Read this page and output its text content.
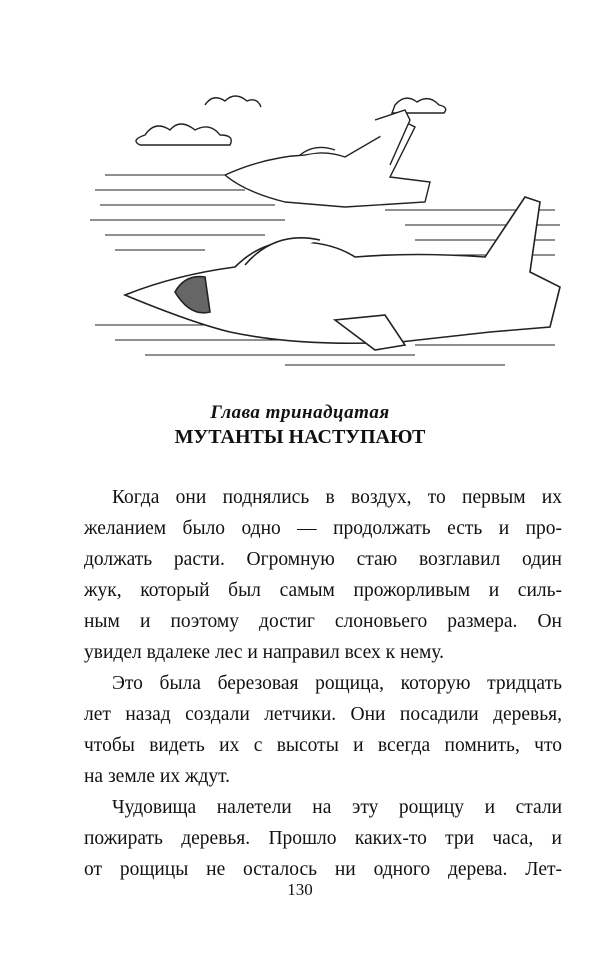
Глава тринадцатая
МУТАНТЫ НАСТУПАЮТ
Когда они поднялись в воздух, то первым их
желанием было одно — продолжать есть и про-
должать расти. Огромную стаю возглавил один
жук, который был самым прожорливым и силь-
ным и поэтому достиг слоновьего размера. Он
увидел вдалеке лес и направил всех к нему.
Это была березовая рощица, которую тридцать
лет назад создали летчики. Они посадили деревья,
чтобы видеть их с высоты и всегда помнить, что
на земле их ждут.
Чудовища налетели на эту рощицу и стали
пожирать деревья. Прошло каких-то три часа, и
от рощицы не осталось ни одного дерева. Лет-
130
